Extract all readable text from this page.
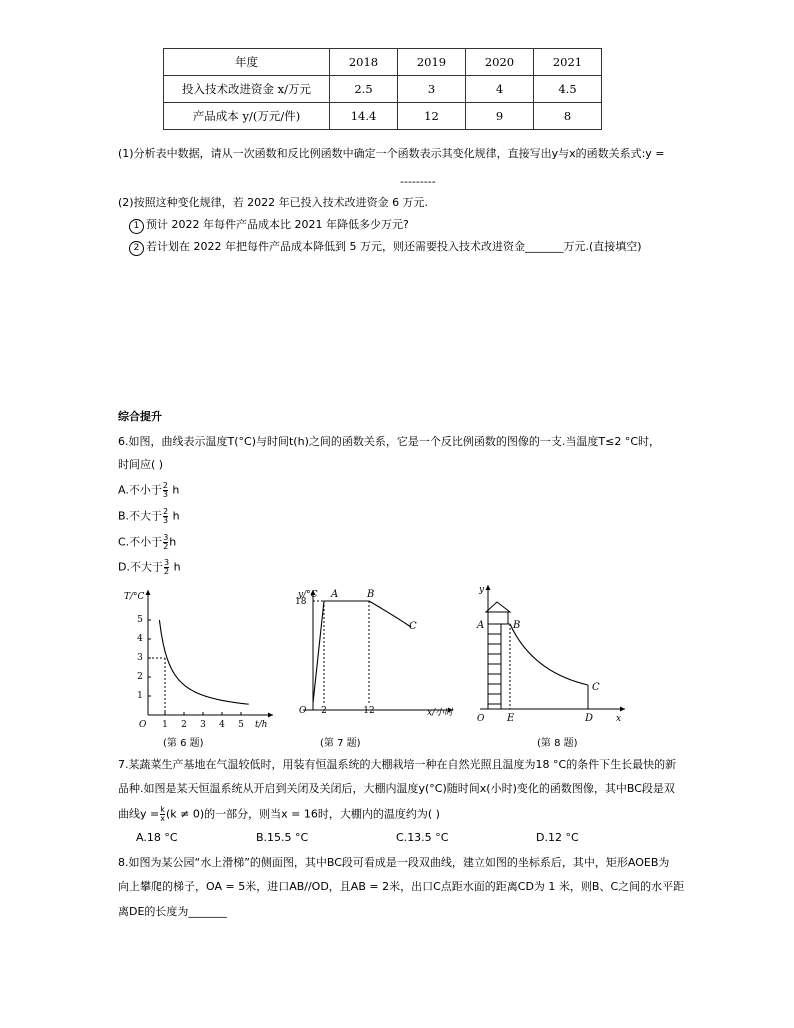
年度	2018	2019	2020	2021
投入技术改进资金 x/万元	2.5	3	4	4.5
产品成本 y/(万元/件)	14.4	12	9	8
(1)分析表中数据，请从一次函数和反比例函数中确定一个函数表示其变化规律，直接写出y与x的函数关系式:y =
---------
(2)按照这种变化规律，若 2022 年已投入技术改进资金 6 万元.
1 预计 2022 年每件产品成本比 2021 年降低多少万元?
2 若计划在 2022 年把每件产品成本降低到 5 万元，则还需要投入技术改进资金_______万元.(直接填空)
综合提升
6.如图，曲线表示温度T(°C)与时间t(h)之间的函数关系，它是一个反比例函数的图像的一支.当温度T≤2 °C时，
时间应( )
A.不小于 $\frac{2}{3}$ h
B.不大于 $\frac{2}{3}$ h
C.不小于 $\frac{3}{2}$ h
D.不大于 $\frac{3}{2}$ h
T/°C
t/h
O 1 2 3 4 5
1
2
3
4
5
(第 6 题)
y/°C
x/小时
O
18
2	12
A	B
C
(第 7 题)
y
x
O
A	B
C
D
E
(第 8 题)
7.某蔬菜生产基地在气温较低时，用装有恒温系统的大棚栽培一种在自然光照且温度为18 °C的条件下生长最快的新
品种.如图是某天恒温系统从开启到关闭及关闭后，大棚内温度y(°C)随时间x(小时)变化的函数图像，其中BC段是双
曲线$y = \frac{k}{x} (k \ne 0)$的一部分，则当x = 16时，大棚内的温度约为( )
A.18 °C	B.15.5 °C	C.13.5 °C	D.12 °C
8.如图为某公园“水上滑梯”的侧面图，其中BC段可看成是一段双曲线，建立如图的坐标系后，其中，矩形AOEB为
向上攀爬的梯子，OA = 5米，进口AB//OD，且AB = 2米，出口C点距水面的距离CD为 1 米，则B、C之间的水平距
离DE的长度为_______
